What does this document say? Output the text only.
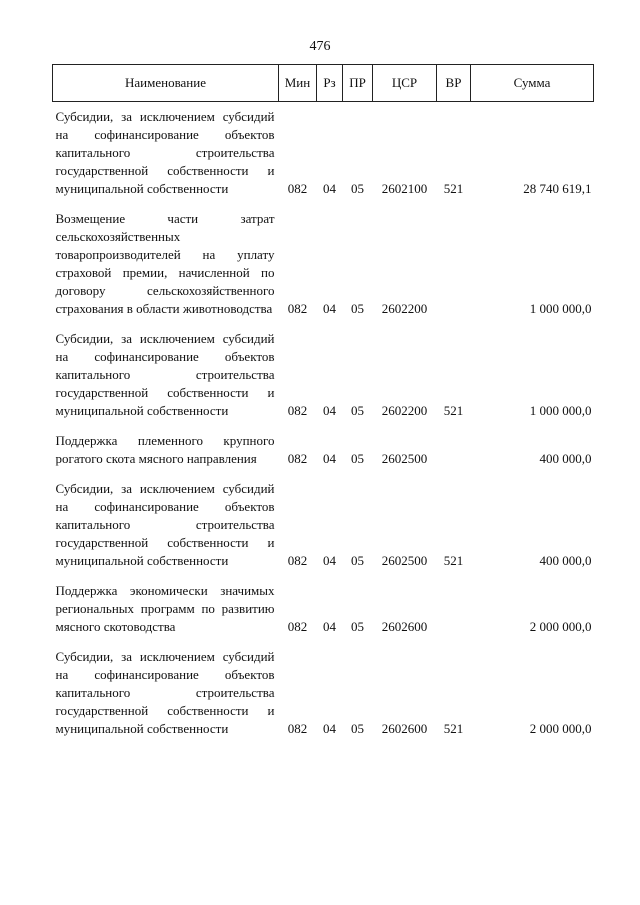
476
Наименование	Мин	Рз	ПР	ЦСР	ВР	Сумма
Субсидии, за исключением субсидий на софинансирование объектов капитального строительства государственной собственности и муниципальной собственности	082	04	05	2602100	521	28 740 619,1
Возмещение части затрат сельскохозяйственных товаропроизводителей на уплату страховой премии, начисленной по договору сельскохозяйственного страхования в области животноводства	082	04	05	2602200		1 000 000,0
Субсидии, за исключением субсидий на софинансирование объектов капитального строительства государственной собственности и муниципальной собственности	082	04	05	2602200	521	1 000 000,0
Поддержка племенного крупного рогатого скота мясного направления	082	04	05	2602500		400 000,0
Субсидии, за исключением субсидий на софинансирование объектов капитального строительства государственной собственности и муниципальной собственности	082	04	05	2602500	521	400 000,0
Поддержка экономически значимых региональных программ по развитию мясного скотоводства	082	04	05	2602600		2 000 000,0
Субсидии, за исключением субсидий на софинансирование объектов капитального строительства государственной собственности и муниципальной собственности	082	04	05	2602600	521	2 000 000,0
